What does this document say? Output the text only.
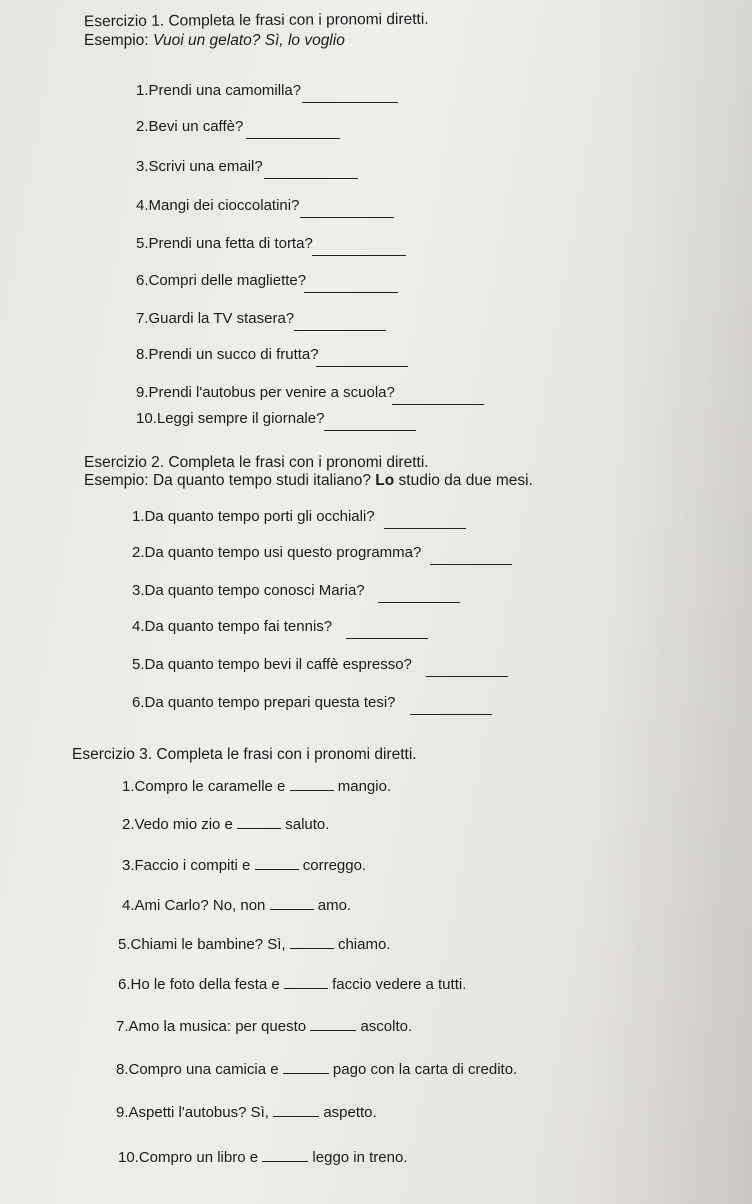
Esercizio 1. Completa le frasi con i pronomi diretti.
Esempio: Vuoi un gelato? Sì, lo voglio
1.Prendi una camomilla?
2.Bevi un caffè?
3.Scrivi una email?
4.Mangi dei cioccolatini?
5.Prendi una fetta di torta?
6.Compri delle magliette?
7.Guardi la TV stasera?
8.Prendi un succo di frutta?
9.Prendi l'autobus per venire a scuola?
10.Leggi sempre il giornale?
Esercizio 2. Completa le frasi con i pronomi diretti.
Esempio: Da quanto tempo studi italiano? Lo studio da due mesi.
1.Da quanto tempo porti gli occhiali?
2.Da quanto tempo usi questo programma?
3.Da quanto tempo conosci Maria?
4.Da quanto tempo fai tennis?
5.Da quanto tempo bevi il caffè espresso?
6.Da quanto tempo prepari questa tesi?
Esercizio 3. Completa le frasi con i pronomi diretti.
1.Compro le caramelle e	mangio.
2.Vedo mio zio e	saluto.
3.Faccio i compiti e	correggo.
4.Ami Carlo? No, non	amo.
5.Chiami le bambine? Sì,	chiamo.
6.Ho le foto della festa e	faccio vedere a tutti.
7.Amo la musica: per questo	ascolto.
8.Compro una camicia e	pago con la carta di credito.
9.Aspetti l'autobus? Sì,	aspetto.
10.Compro un libro e	leggo in treno.
